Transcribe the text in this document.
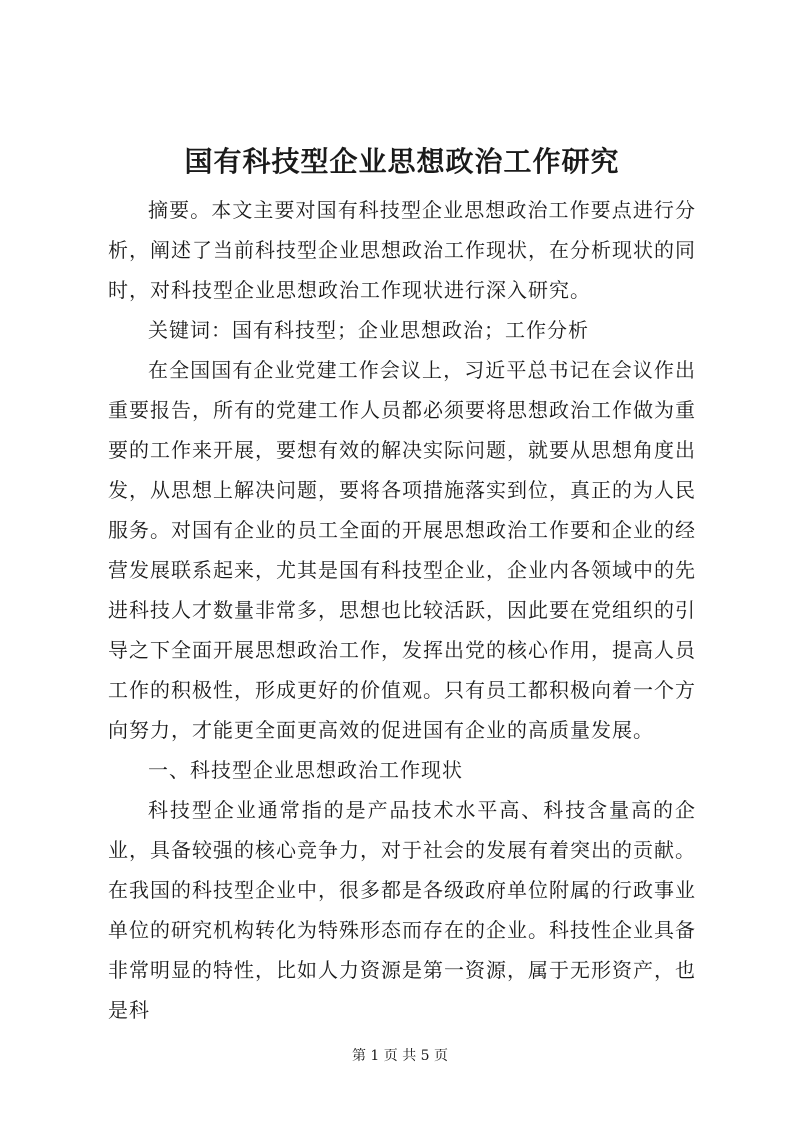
国有科技型企业思想政治工作研究

摘要。本文主要对国有科技型企业思想政治工作要点进行分析，阐述了当前科技型企业思想政治工作现状，在分析现状的同时，对科技型企业思想政治工作现状进行深入研究。

关键词：国有科技型；企业思想政治；工作分析

在全国国有企业党建工作会议上，习近平总书记在会议作出重要报告，所有的党建工作人员都必须要将思想政治工作做为重要的工作来开展，要想有效的解决实际问题，就要从思想角度出发，从思想上解决问题，要将各项措施落实到位，真正的为人民服务。对国有企业的员工全面的开展思想政治工作要和企业的经营发展联系起来，尤其是国有科技型企业，企业内各领域中的先进科技人才数量非常多，思想也比较活跃，因此要在党组织的引导之下全面开展思想政治工作，发挥出党的核心作用，提高人员工作的积极性，形成更好的价值观。只有员工都积极向着一个方向努力，才能更全面更高效的促进国有企业的高质量发展。

一、科技型企业思想政治工作现状

科技型企业通常指的是产品技术水平高、科技含量高的企业，具备较强的核心竞争力，对于社会的发展有着突出的贡献。在我国的科技型企业中，很多都是各级政府单位附属的行政事业单位的研究机构转化为特殊形态而存在的企业。科技性企业具备非常明显的特性，比如人力资源是第一资源，属于无形资产，也是科

第 1 页 共 5 页
